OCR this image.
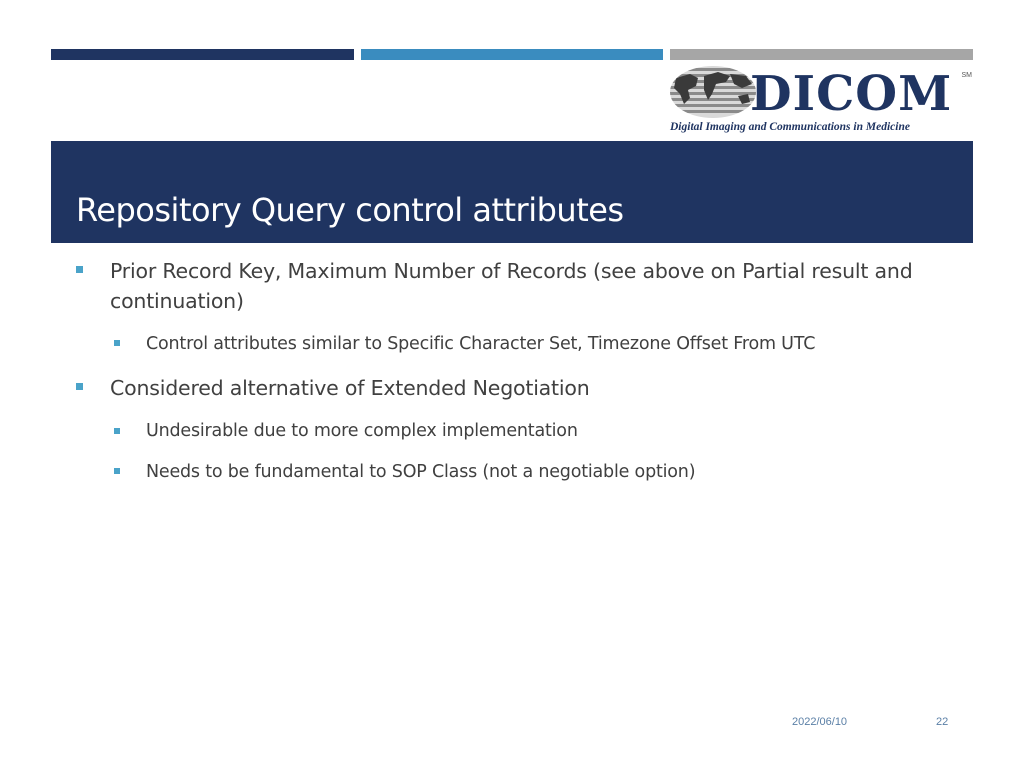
DICOM SM
Digital Imaging and Communications in Medicine
Repository Query control attributes
Prior Record Key, Maximum Number of Records (see above on Partial result and continuation)
Control attributes similar to Specific Character Set, Timezone Offset From UTC
Considered alternative of Extended Negotiation
Undesirable due to more complex implementation
Needs to be fundamental to SOP Class (not a negotiable option)
2022/06/10	22
